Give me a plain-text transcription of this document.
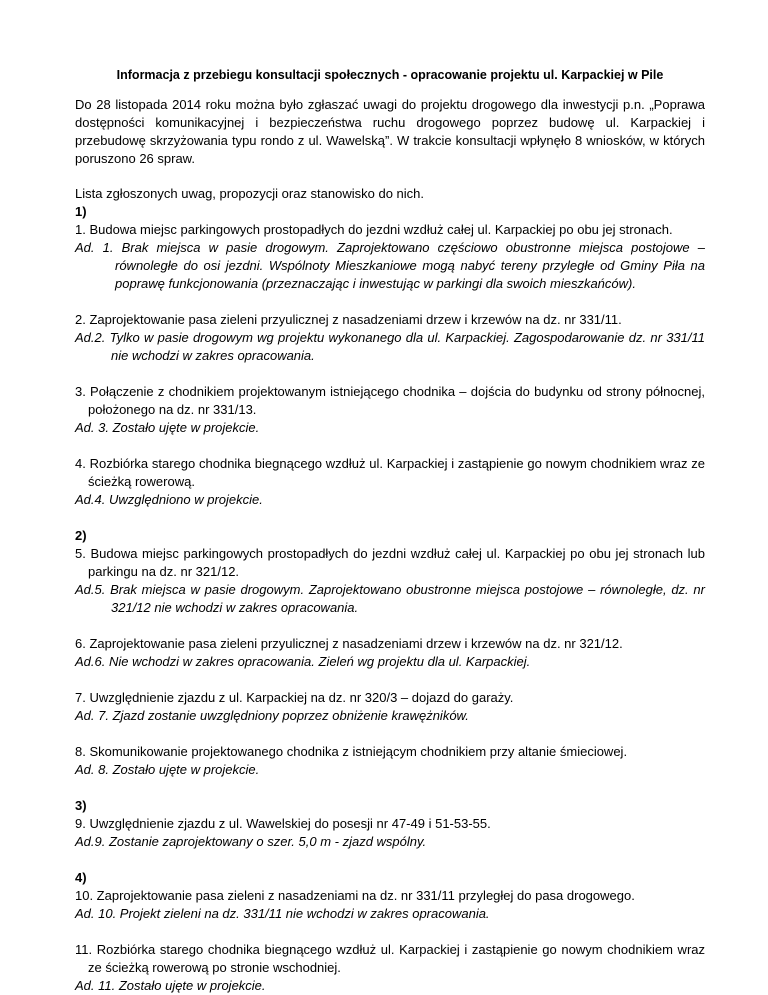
Informacja z przebiegu konsultacji społecznych - opracowanie projektu ul. Karpackiej w Pile

Do 28 listopada 2014 roku można było zgłaszać uwagi do projektu drogowego dla inwestycji p.n. „Poprawa dostępności komunikacyjnej i bezpieczeństwa ruchu drogowego poprzez budowę ul. Karpackiej i przebudowę skrzyżowania typu rondo z ul. Wawelską”. W trakcie konsultacji wpłynęło 8 wniosków, w których poruszono 26 spraw.

Lista zgłoszonych uwag, propozycji oraz stanowisko do nich.

1)

1. Budowa miejsc parkingowych prostopadłych do jezdni wzdłuż całej ul. Karpackiej po obu jej stronach.

Ad. 1. Brak miejsca w pasie drogowym. Zaprojektowano częściowo obustronne miejsca postojowe – równoległe do osi jezdni. Wspólnoty Mieszkaniowe mogą nabyć tereny przyległe od Gminy Piła na poprawę funkcjonowania (przeznaczając i inwestując w parkingi dla swoich mieszkańców).

2. Zaprojektowanie pasa zieleni przyulicznej z nasadzeniami drzew i krzewów na dz. nr 331/11.

Ad.2. Tylko w pasie drogowym wg projektu wykonanego dla ul. Karpackiej. Zagospodarowanie dz. nr 331/11 nie wchodzi w zakres opracowania.

3. Połączenie z chodnikiem projektowanym istniejącego chodnika – dojścia do budynku od strony północnej, położonego na dz. nr 331/13.

Ad. 3. Zostało ujęte w projekcie.

4. Rozbiórka starego chodnika biegnącego wzdłuż ul. Karpackiej i zastąpienie go nowym chodnikiem wraz ze ścieżką rowerową.

Ad.4. Uwzględniono w projekcie.

2)

5. Budowa miejsc parkingowych prostopadłych do jezdni wzdłuż całej ul. Karpackiej po obu jej stronach lub parkingu na dz. nr 321/12.

Ad.5. Brak miejsca w pasie drogowym. Zaprojektowano obustronne miejsca postojowe – równoległe, dz. nr 321/12 nie wchodzi w zakres opracowania.

6. Zaprojektowanie pasa zieleni przyulicznej z nasadzeniami drzew i krzewów na dz. nr 321/12.

Ad.6. Nie wchodzi w zakres opracowania. Zieleń wg projektu dla ul. Karpackiej.

7. Uwzględnienie zjazdu z ul. Karpackiej na dz. nr 320/3 – dojazd do garaży.

Ad. 7. Zjazd zostanie uwzględniony poprzez obniżenie krawężników.

8. Skomunikowanie projektowanego chodnika z istniejącym chodnikiem przy altanie śmieciowej.

Ad. 8. Zostało ujęte w projekcie.

3)

9. Uwzględnienie zjazdu z ul. Wawelskiej do posesji nr 47-49 i 51-53-55.

Ad.9. Zostanie zaprojektowany o szer. 5,0 m - zjazd wspólny.

4)

10. Zaprojektowanie pasa zieleni z nasadzeniami na dz. nr 331/11 przyległej do pasa drogowego.

Ad. 10. Projekt zieleni na dz. 331/11 nie wchodzi w zakres opracowania.

11. Rozbiórka starego chodnika biegnącego wzdłuż ul. Karpackiej i zastąpienie go nowym chodnikiem wraz ze ścieżką rowerową po stronie wschodniej.

Ad. 11. Zostało ujęte w projekcie.
